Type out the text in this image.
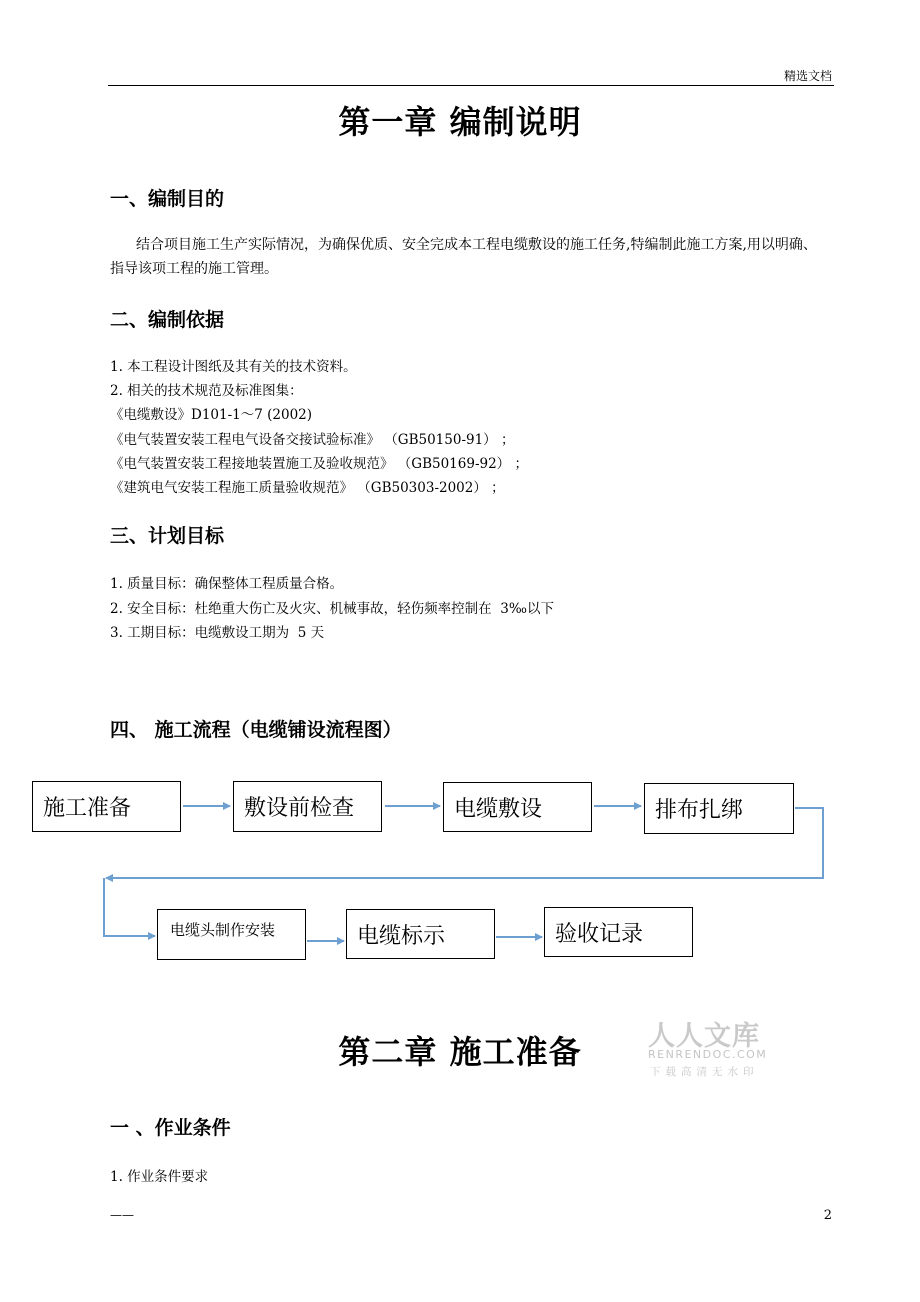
精选文档
第一章 编制说明
一、编制目的
结合项目施工生产实际情况，为确保优质、安全完成本工程电缆敷设的施工任务,特编制此施工方案,用以明确、指导该项工程的施工管理。
二、编制依据
1. 本工程设计图纸及其有关的技术资料。
2. 相关的技术规范及标准图集：
《电缆敷设》D101-1～7 (2002)
《电气装置安装工程电气设备交接试验标准》 （GB50150-91） ；
《电气装置安装工程接地装置施工及验收规范》 （GB50169-92） ；
《建筑电气安装工程施工质量验收规范》 （GB50303-2002） ；
三、计划目标
1. 质量目标：确保整体工程质量合格。
2. 安全目标：杜绝重大伤亡及火灾、机械事故，轻伤频率控制在  3‰以下
3. 工期目标：电缆敷设工期为  5 天
四、 施工流程（电缆铺设流程图）
施工准备	敷设前检查	电缆敷设	排布扎绑
电缆头制作安装	电缆标示	验收记录
第二章 施工准备	人人文库
RENRENDOC.COM
下载高清无水印
一 、作业条件
1. 作业条件要求
——	2
